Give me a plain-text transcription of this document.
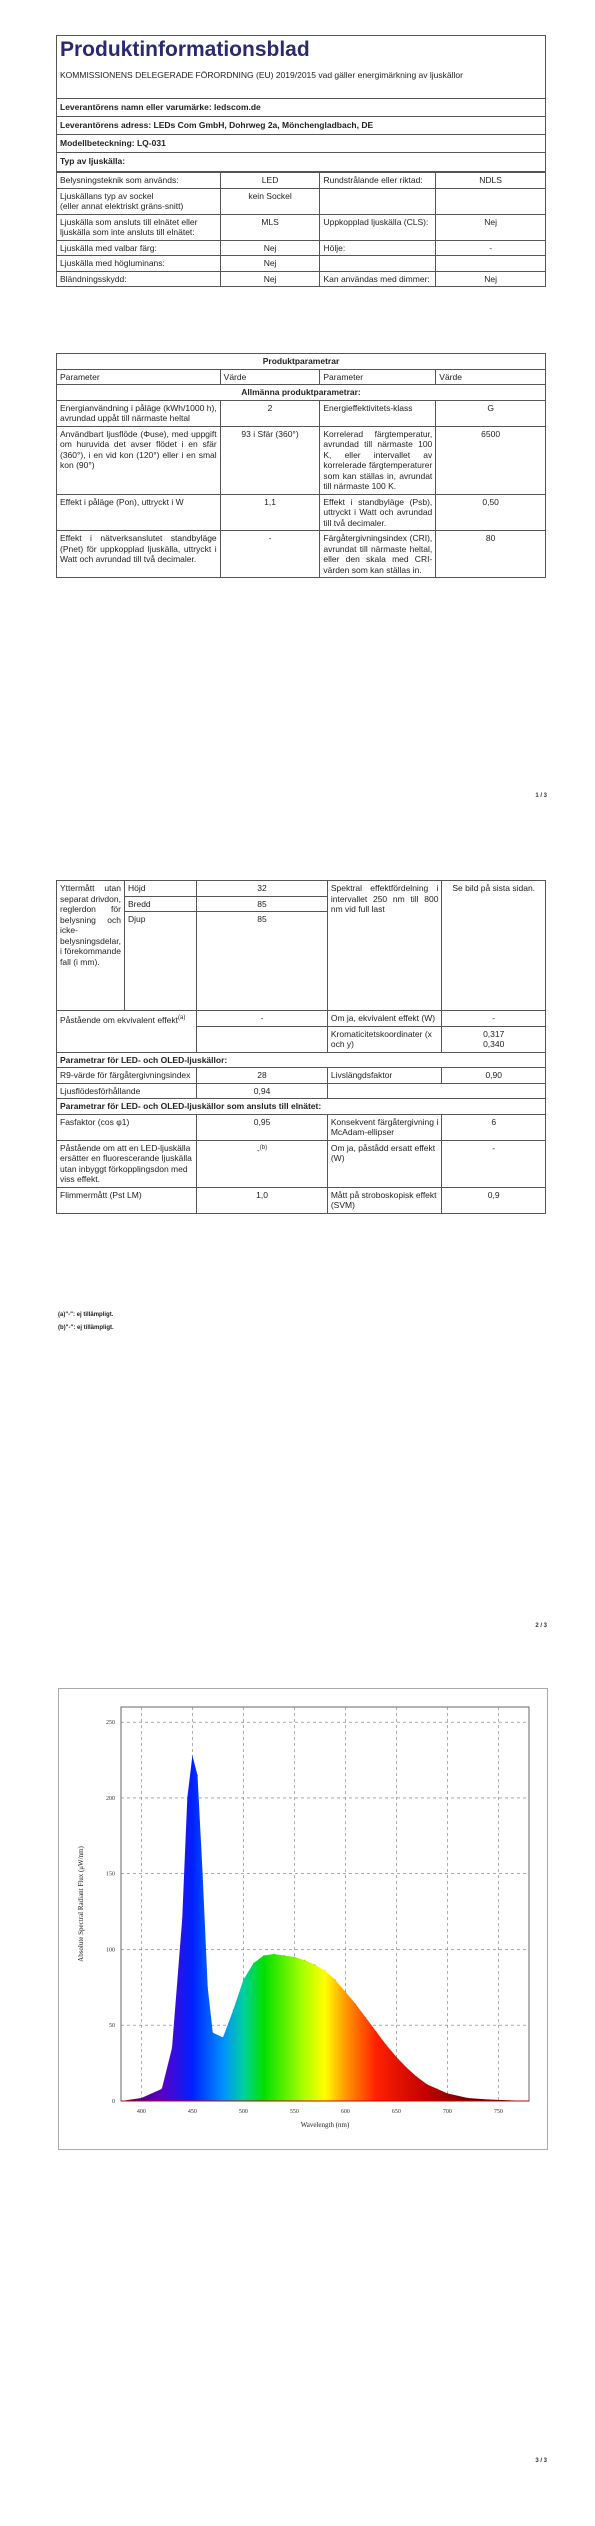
Produktinformationsblad
KOMMISSIONENS DELEGERADE FÖRORDNING (EU) 2019/2015 vad gäller energimärkning av ljuskällor
Leverantörens namn eller varumärke: ledscom.de
Leverantörens adress: LEDs Com GmbH, Dohrweg 2a, Mönchengladbach, DE
Modellbeteckning: LQ-031
Typ av ljuskälla:
Belysningsteknik som används:	LED	Rundstrålande eller riktad:	NDLS
Ljuskällans typ av sockel
(eller annat elektriskt gräns-snitt)	kein Sockel		
Ljuskälla som ansluts till elnätet eller ljuskälla som inte ansluts till elnätet:	MLS	Uppkopplad ljuskälla (CLS):	Nej
Ljuskälla med valbar färg:	Nej	Hölje:	-
Ljuskälla med högluminans:	Nej		
Bländningsskydd:	Nej	Kan användas med dimmer:	Nej
Produktparametrar			
Parameter	Värde	Parameter	Värde
Allmänna produktparametrar:			
Energianvändning i påläge (kWh/1000 h), avrundad uppåt till närmaste heltal	2	Energieffektivitets-klass	G
Användbart ljusflöde (Φuse), med uppgift om huruvida det avser flödet i en sfär (360°), i en vid kon (120°) eller i en smal kon (90°)	93 i Sfär (360°)	Korrelerad färgtemperatur, avrundad till närmaste 100 K, eller intervallet av korrelerade färgtemperaturer som kan ställas in, avrundat till närmaste 100 K.	6500
Effekt i påläge (Pon), uttryckt i W	1,1	Effekt i standbyläge (Psb), uttryckt i Watt och avrundad till två decimaler.	0,50
Effekt i nätverksanslutet standbyläge (Pnet) för uppkopplad ljuskälla, uttryckt i Watt och avrundad till två decimaler.	-	Färgåtergivningsindex (CRI), avrundat till närmaste heltal, eller den skala med CRI-värden som kan ställas in.	80
1 / 3
Yttermått utan separat drivdon, reglerdon för belysning och icke-belysningsdelar, i förekommande fall (i mm).	Höjd	32	Spektral effektfördelning i intervallet 250 nm till 800 nm vid full last	Se bild på sista sidan.
	Bredd	85		
	Djup	85		
Påstående om ekvivalent effekt$^{(a)}$		-	Om ja, ekvivalent effekt (W)	-
			Kromaticitetskoordinater (x och y)	0,317
0,340
Parametrar för LED- och OLED-ljuskällor:				
R9-värde för färgåtergivningsindex		28	Livslängdsfaktor	0,90
Ljusflödesförhållande		0,94		
Parametrar för LED- och OLED-ljuskällor som ansluts till elnätet:				
Fasfaktor (cos φ1)		0,95	Konsekvent färgåtergivning i McAdam-ellipser	6
Påstående om att en LED-ljuskälla ersätter en fluorescerande ljuskälla utan inbyggt förkopplingsdon med viss effekt.		-$^{(b)}$	Om ja, påstådd ersatt effekt (W)	-
Flimmermått (Pst LM)		1,0	Mått på stroboskopisk effekt (SVM)	0,9
(a)"-": ej tillämpligt.
(b)"-": ej tillämpligt.
2 / 3
250
200
150
100
50
0
400	450	500	550	600	650	700	750
Wavelength (nm)
Absolute Spectral Radiant Flux (μW/nm)
3 / 3
